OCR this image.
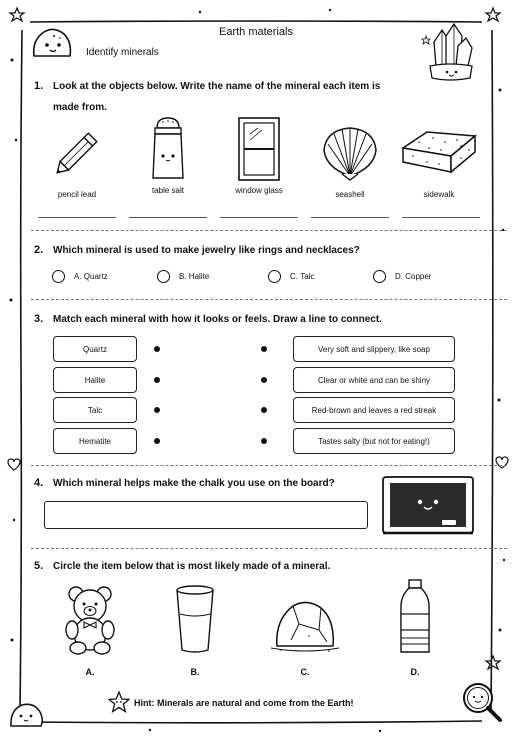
Earth materials
Identify minerals
1. Look at the objects below. Write the name of the mineral each item is
made from.
pencil lead	table salt	window glass	seashell	sidewalk
2. Which mineral is used to make jewelry like rings and necklaces?
A.
Quartz	B.
Halite	C.
Talc	D.
Copper
3. Match each mineral with how it looks or feels. Draw a line to connect.
Quartz
Halite
Talc
Hematite
Very soft and slippery, like soap
Clear or white and can be shiny
Red-brown and leaves a red streak
Tastes salty (but not for eating!)
4. Which mineral helps make the chalk you use on the board?
5. Circle the item below that is most likely made of a mineral.
A.	B.	C.	D.
Hint: Minerals are natural and come from the Earth!
